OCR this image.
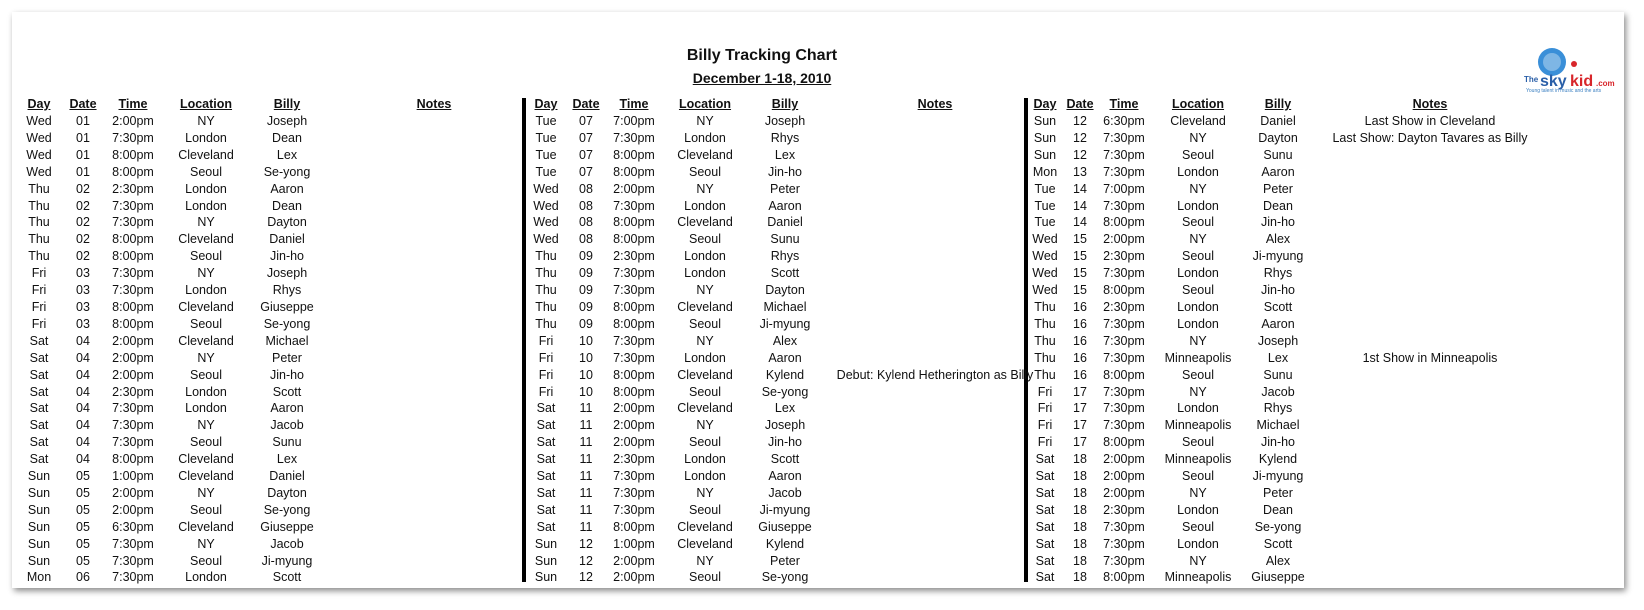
Billy Tracking Chart
December 1-18, 2010	The sky kid .com
Young talent in music and the arts
Day	Date	Time	Location	Billy	Notes
Wed	01	2:00pm	NY	Joseph	
Wed	01	7:30pm	London	Dean	
Wed	01	8:00pm	Cleveland	Lex	
Wed	01	8:00pm	Seoul	Se-yong	
Thu	02	2:30pm	London	Aaron	
Thu	02	7:30pm	London	Dean	
Thu	02	7:30pm	NY	Dayton	
Thu	02	8:00pm	Cleveland	Daniel	
Thu	02	8:00pm	Seoul	Jin-ho	
Fri	03	7:30pm	NY	Joseph	
Fri	03	7:30pm	London	Rhys	
Fri	03	8:00pm	Cleveland	Giuseppe	
Fri	03	8:00pm	Seoul	Se-yong	
Sat	04	2:00pm	Cleveland	Michael	
Sat	04	2:00pm	NY	Peter	
Sat	04	2:00pm	Seoul	Jin-ho	
Sat	04	2:30pm	London	Scott	
Sat	04	7:30pm	London	Aaron	
Sat	04	7:30pm	NY	Jacob	
Sat	04	7:30pm	Seoul	Sunu	
Sat	04	8:00pm	Cleveland	Lex	
Sun	05	1:00pm	Cleveland	Daniel	
Sun	05	2:00pm	NY	Dayton	
Sun	05	2:00pm	Seoul	Se-yong	
Sun	05	6:30pm	Cleveland	Giuseppe	
Sun	05	7:30pm	NY	Jacob	
Sun	05	7:30pm	Seoul	Ji-myung	
Mon	06	7:30pm	London	Scott	
Day	Date	Time	Location	Billy	Notes
Tue	07	7:00pm	NY	Joseph	
Tue	07	7:30pm	London	Rhys	
Tue	07	8:00pm	Cleveland	Lex	
Tue	07	8:00pm	Seoul	Jin-ho	
Wed	08	2:00pm	NY	Peter	
Wed	08	7:30pm	London	Aaron	
Wed	08	8:00pm	Cleveland	Daniel	
Wed	08	8:00pm	Seoul	Sunu	
Thu	09	2:30pm	London	Rhys	
Thu	09	7:30pm	London	Scott	
Thu	09	7:30pm	NY	Dayton	
Thu	09	8:00pm	Cleveland	Michael	
Thu	09	8:00pm	Seoul	Ji-myung	
Fri	10	7:30pm	NY	Alex	
Fri	10	7:30pm	London	Aaron	
Fri	10	8:00pm	Cleveland	Kylend	Debut: Kylend Hetherington as Billy
Fri	10	8:00pm	Seoul	Se-yong	
Sat	11	2:00pm	Cleveland	Lex	
Sat	11	2:00pm	NY	Joseph	
Sat	11	2:00pm	Seoul	Jin-ho	
Sat	11	2:30pm	London	Scott	
Sat	11	7:30pm	London	Aaron	
Sat	11	7:30pm	NY	Jacob	
Sat	11	7:30pm	Seoul	Ji-myung	
Sat	11	8:00pm	Cleveland	Giuseppe	
Sun	12	1:00pm	Cleveland	Kylend	
Sun	12	2:00pm	NY	Peter	
Sun	12	2:00pm	Seoul	Se-yong	
Day	Date	Time	Location	Billy	Notes
Sun	12	6:30pm	Cleveland	Daniel	Last Show in Cleveland
Sun	12	7:30pm	NY	Dayton	Last Show: Dayton Tavares as Billy
Sun	12	7:30pm	Seoul	Sunu	
Mon	13	7:30pm	London	Aaron	
Tue	14	7:00pm	NY	Peter	
Tue	14	7:30pm	London	Dean	
Tue	14	8:00pm	Seoul	Jin-ho	
Wed	15	2:00pm	NY	Alex	
Wed	15	2:30pm	Seoul	Ji-myung	
Wed	15	7:30pm	London	Rhys	
Wed	15	8:00pm	Seoul	Jin-ho	
Thu	16	2:30pm	London	Scott	
Thu	16	7:30pm	London	Aaron	
Thu	16	7:30pm	NY	Joseph	
Thu	16	7:30pm	Minneapolis	Lex	1st Show in Minneapolis
Thu	16	8:00pm	Seoul	Sunu	
Fri	17	7:30pm	NY	Jacob	
Fri	17	7:30pm	London	Rhys	
Fri	17	7:30pm	Minneapolis	Michael	
Fri	17	8:00pm	Seoul	Jin-ho	
Sat	18	2:00pm	Minneapolis	Kylend	
Sat	18	2:00pm	Seoul	Ji-myung	
Sat	18	2:00pm	NY	Peter	
Sat	18	2:30pm	London	Dean	
Sat	18	7:30pm	Seoul	Se-yong	
Sat	18	7:30pm	London	Scott	
Sat	18	7:30pm	NY	Alex	
Sat	18	8:00pm	Minneapolis	Giuseppe	
